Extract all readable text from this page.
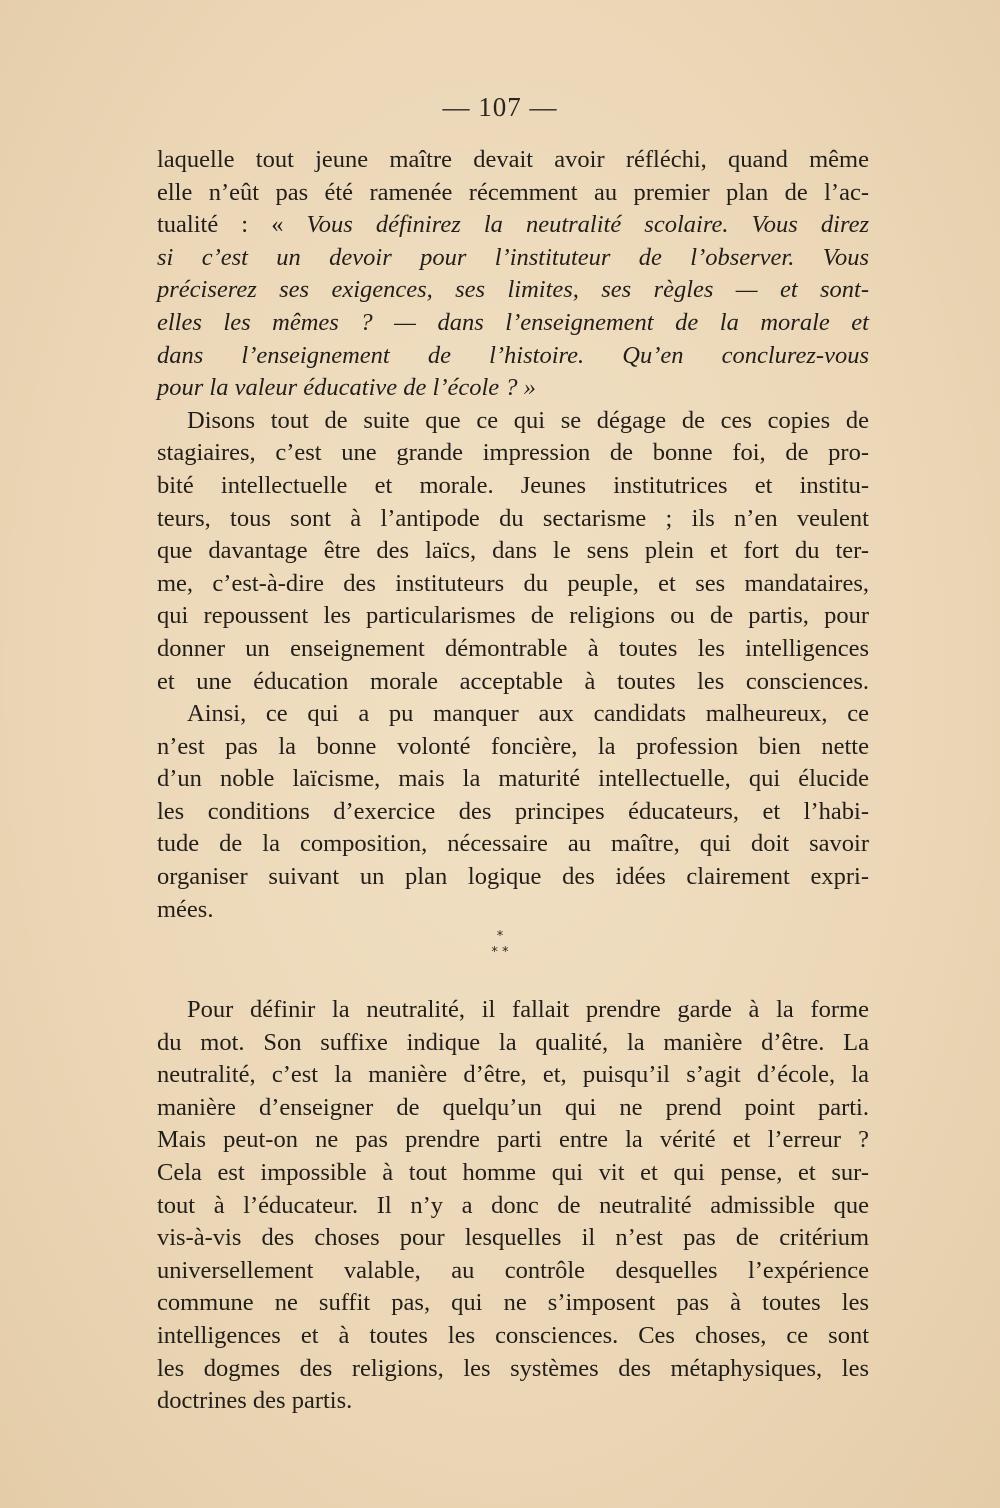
— 107 —
laquelle tout jeune maître devait avoir réfléchi, quand même
elle n’eût pas été ramenée récemment au premier plan de l’ac-
tualité : « Vous définirez la neutralité scolaire. Vous direz
si c’est un devoir pour l’instituteur de l’observer. Vous
préciserez ses exigences, ses limites, ses règles — et sont-
elles les mêmes ? — dans l’enseignement de la morale et
dans l’enseignement de l’histoire. Qu’en conclurez-vous
pour la valeur éducative de l’école ? »
Disons tout de suite que ce qui se dégage de ces copies de
stagiaires, c’est une grande impression de bonne foi, de pro-
bité intellectuelle et morale. Jeunes institutrices et institu-
teurs, tous sont à l’antipode du sectarisme ; ils n’en veulent
que davantage être des laïcs, dans le sens plein et fort du ter-
me, c’est-à-dire des instituteurs du peuple, et ses mandataires,
qui repoussent les particularismes de religions ou de partis, pour
donner un enseignement démontrable à toutes les intelligences
et une éducation morale acceptable à toutes les consciences.
Ainsi, ce qui a pu manquer aux candidats malheureux, ce
n’est pas la bonne volonté foncière, la profession bien nette
d’un noble laïcisme, mais la maturité intellectuelle, qui élucide
les conditions d’exercice des principes éducateurs, et l’habi-
tude de la composition, nécessaire au maître, qui doit savoir
organiser suivant un plan logique des idées clairement expri-
mées.
*
* *
Pour définir la neutralité, il fallait prendre garde à la forme
du mot. Son suffixe indique la qualité, la manière d’être. La
neutralité, c’est la manière d’être, et, puisqu’il s’agit d’école, la
manière d’enseigner de quelqu’un qui ne prend point parti.
Mais peut-on ne pas prendre parti entre la vérité et l’erreur ?
Cela est impossible à tout homme qui vit et qui pense, et sur-
tout à l’éducateur. Il n’y a donc de neutralité admissible que
vis-à-vis des choses pour lesquelles il n’est pas de critérium
universellement valable, au contrôle desquelles l’expérience
commune ne suffit pas, qui ne s’imposent pas à toutes les
intelligences et à toutes les consciences. Ces choses, ce sont
les dogmes des religions, les systèmes des métaphysiques, les
doctrines des partis.
